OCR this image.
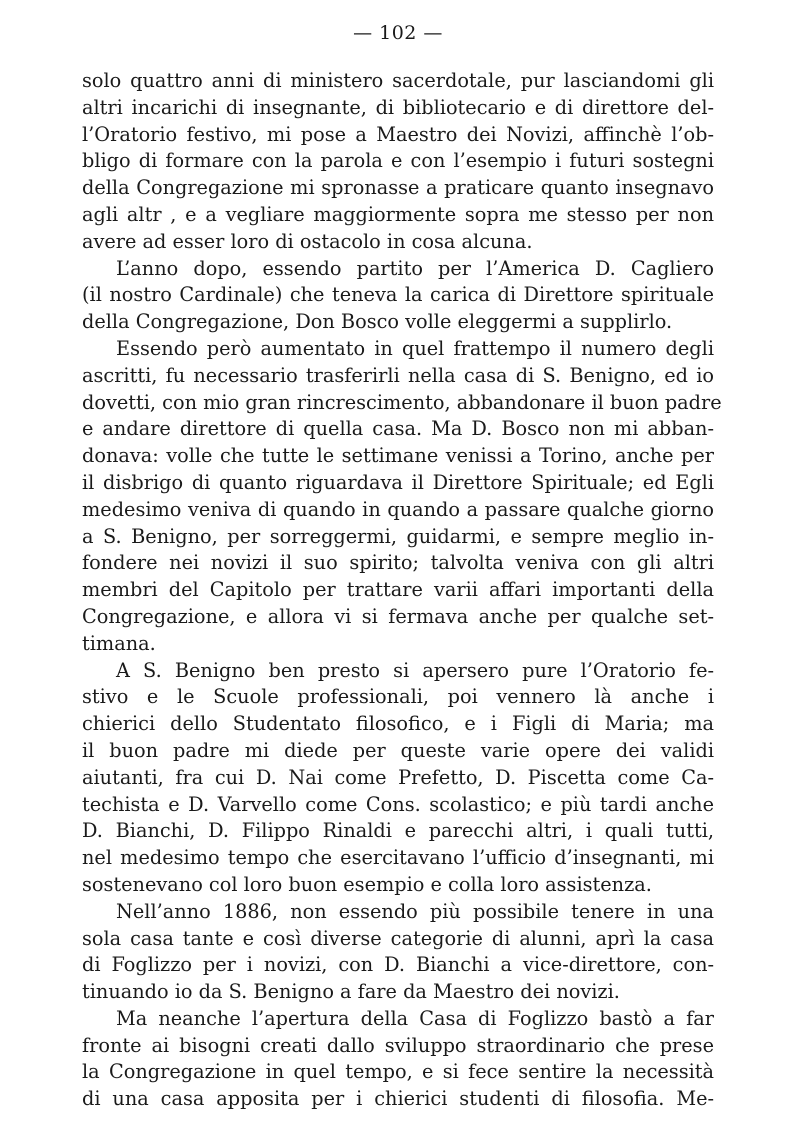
— 102 —
solo quattro anni di ministero sacerdotale, pur lasciandomi gli
altri incarichi di insegnante, di bibliotecario e di direttore del-
l’Oratorio festivo, mi pose a Maestro dei Novizi, affinchè l’ob-
bligo di formare con la parola e con l’esempio i futuri sostegni
della Congregazione mi spronasse a praticare quanto insegnavo
agli altr , e a vegliare maggiormente sopra me stesso per non
avere ad esser loro di ostacolo in cosa alcuna.
L’anno dopo, essendo partito per l’America D. Cagliero
(il nostro Cardinale) che teneva la carica di Direttore spirituale
della Congregazione, Don Bosco volle eleggermi a supplirlo.
Essendo però aumentato in quel frattempo il numero degli
ascritti, fu necessario trasferirli nella casa di S. Benigno, ed io
dovetti, con mio gran rincrescimento, abbandonare il buon padre
e andare direttore di quella casa. Ma D. Bosco non mi abban-
donava: volle che tutte le settimane venissi a Torino, anche per
il disbrigo di quanto riguardava il Direttore Spirituale; ed Egli
medesimo veniva di quando in quando a passare qualche giorno
a S. Benigno, per sorreggermi, guidarmi, e sempre meglio in-
fondere nei novizi il suo spirito; talvolta veniva con gli altri
membri del Capitolo per trattare varii affari importanti della
Congregazione, e allora vi si fermava anche per qualche set-
timana.
A S. Benigno ben presto si apersero pure l’Oratorio fe-
stivo e le Scuole professionali, poi vennero là anche i
chierici dello Studentato filosofico, e i Figli di Maria; ma
il buon padre mi diede per queste varie opere dei validi
aiutanti, fra cui D. Nai come Prefetto, D. Piscetta come Ca-
techista e D. Varvello come Cons. scolastico; e più tardi anche
D. Bianchi, D. Filippo Rinaldi e parecchi altri, i quali tutti,
nel medesimo tempo che esercitavano l’ufficio d’insegnanti, mi
sostenevano col loro buon esempio e colla loro assistenza.
Nell’anno 1886, non essendo più possibile tenere in una
sola casa tante e così diverse categorie di alunni, aprì la casa
di Foglizzo per i novizi, con D. Bianchi a vice-direttore, con-
tinuando io da S. Benigno a fare da Maestro dei novizi.
Ma neanche l’apertura della Casa di Foglizzo bastò a far
fronte ai bisogni creati dallo sviluppo straordinario che prese
la Congregazione in quel tempo, e si fece sentire la necessità
di una casa apposita per i chierici studenti di filosofia. Me-
